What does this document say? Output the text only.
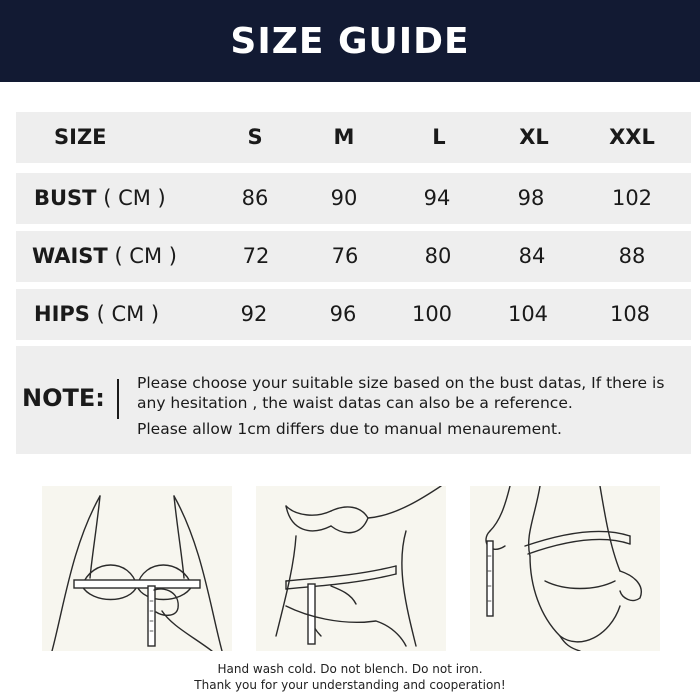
SIZE GUIDE
SIZE	S	M	L	XL	XXL
BUST ( CM )	86	90	94	98	102
WAIST ( CM )	72	76	80	84	88
HIPS ( CM )	92	96	100	104	108
NOTE:

Please choose your suitable size based on the bust datas, If there is any hesitation , the waist datas can also be a reference.

Please allow 1cm differs due to manual menaurement.

Hand wash cold. Do not blench. Do not iron.
Thank you for your understanding and cooperation!
